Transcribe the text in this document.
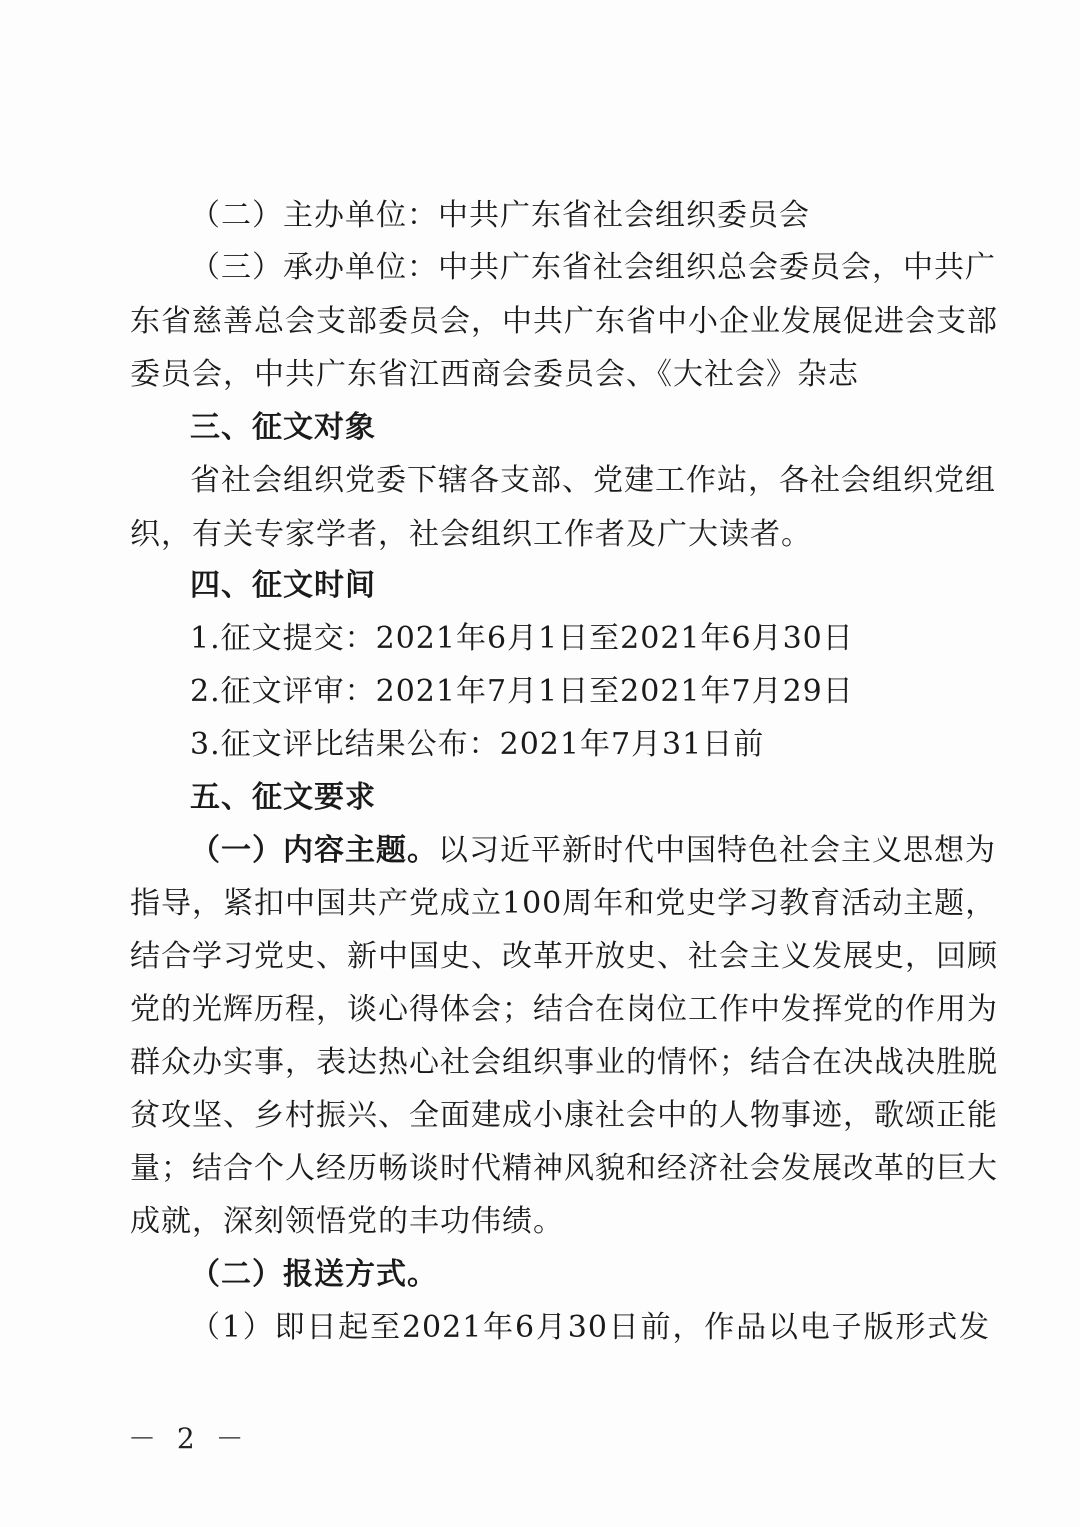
（二）主办单位：中共广东省社会组织委员会
（三）承办单位：中共广东省社会组织总会委员会，中共广
东省慈善总会支部委员会，中共广东省中小企业发展促进会支部
委员会，中共广东省江西商会委员会、《大社会》杂志
三、征文对象
省社会组织党委下辖各支部、党建工作站，各社会组织党组
织，有关专家学者，社会组织工作者及广大读者。
四、征文时间
1.征文提交：2021年6月1日至2021年6月30日
2.征文评审：2021年7月1日至2021年7月29日
3.征文评比结果公布：2021年7月31日前
五、征文要求
（一）内容主题。以习近平新时代中国特色社会主义思想为
指导，紧扣中国共产党成立100周年和党史学习教育活动主题，
结合学习党史、新中国史、改革开放史、社会主义发展史，回顾
党的光辉历程，谈心得体会；结合在岗位工作中发挥党的作用为
群众办实事，表达热心社会组织事业的情怀；结合在决战决胜脱
贫攻坚、乡村振兴、全面建成小康社会中的人物事迹，歌颂正能
量；结合个人经历畅谈时代精神风貌和经济社会发展改革的巨大
成就，深刻领悟党的丰功伟绩。
（二）报送方式。
（1）即日起至2021年6月30日前，作品以电子版形式发
－ 2 －
